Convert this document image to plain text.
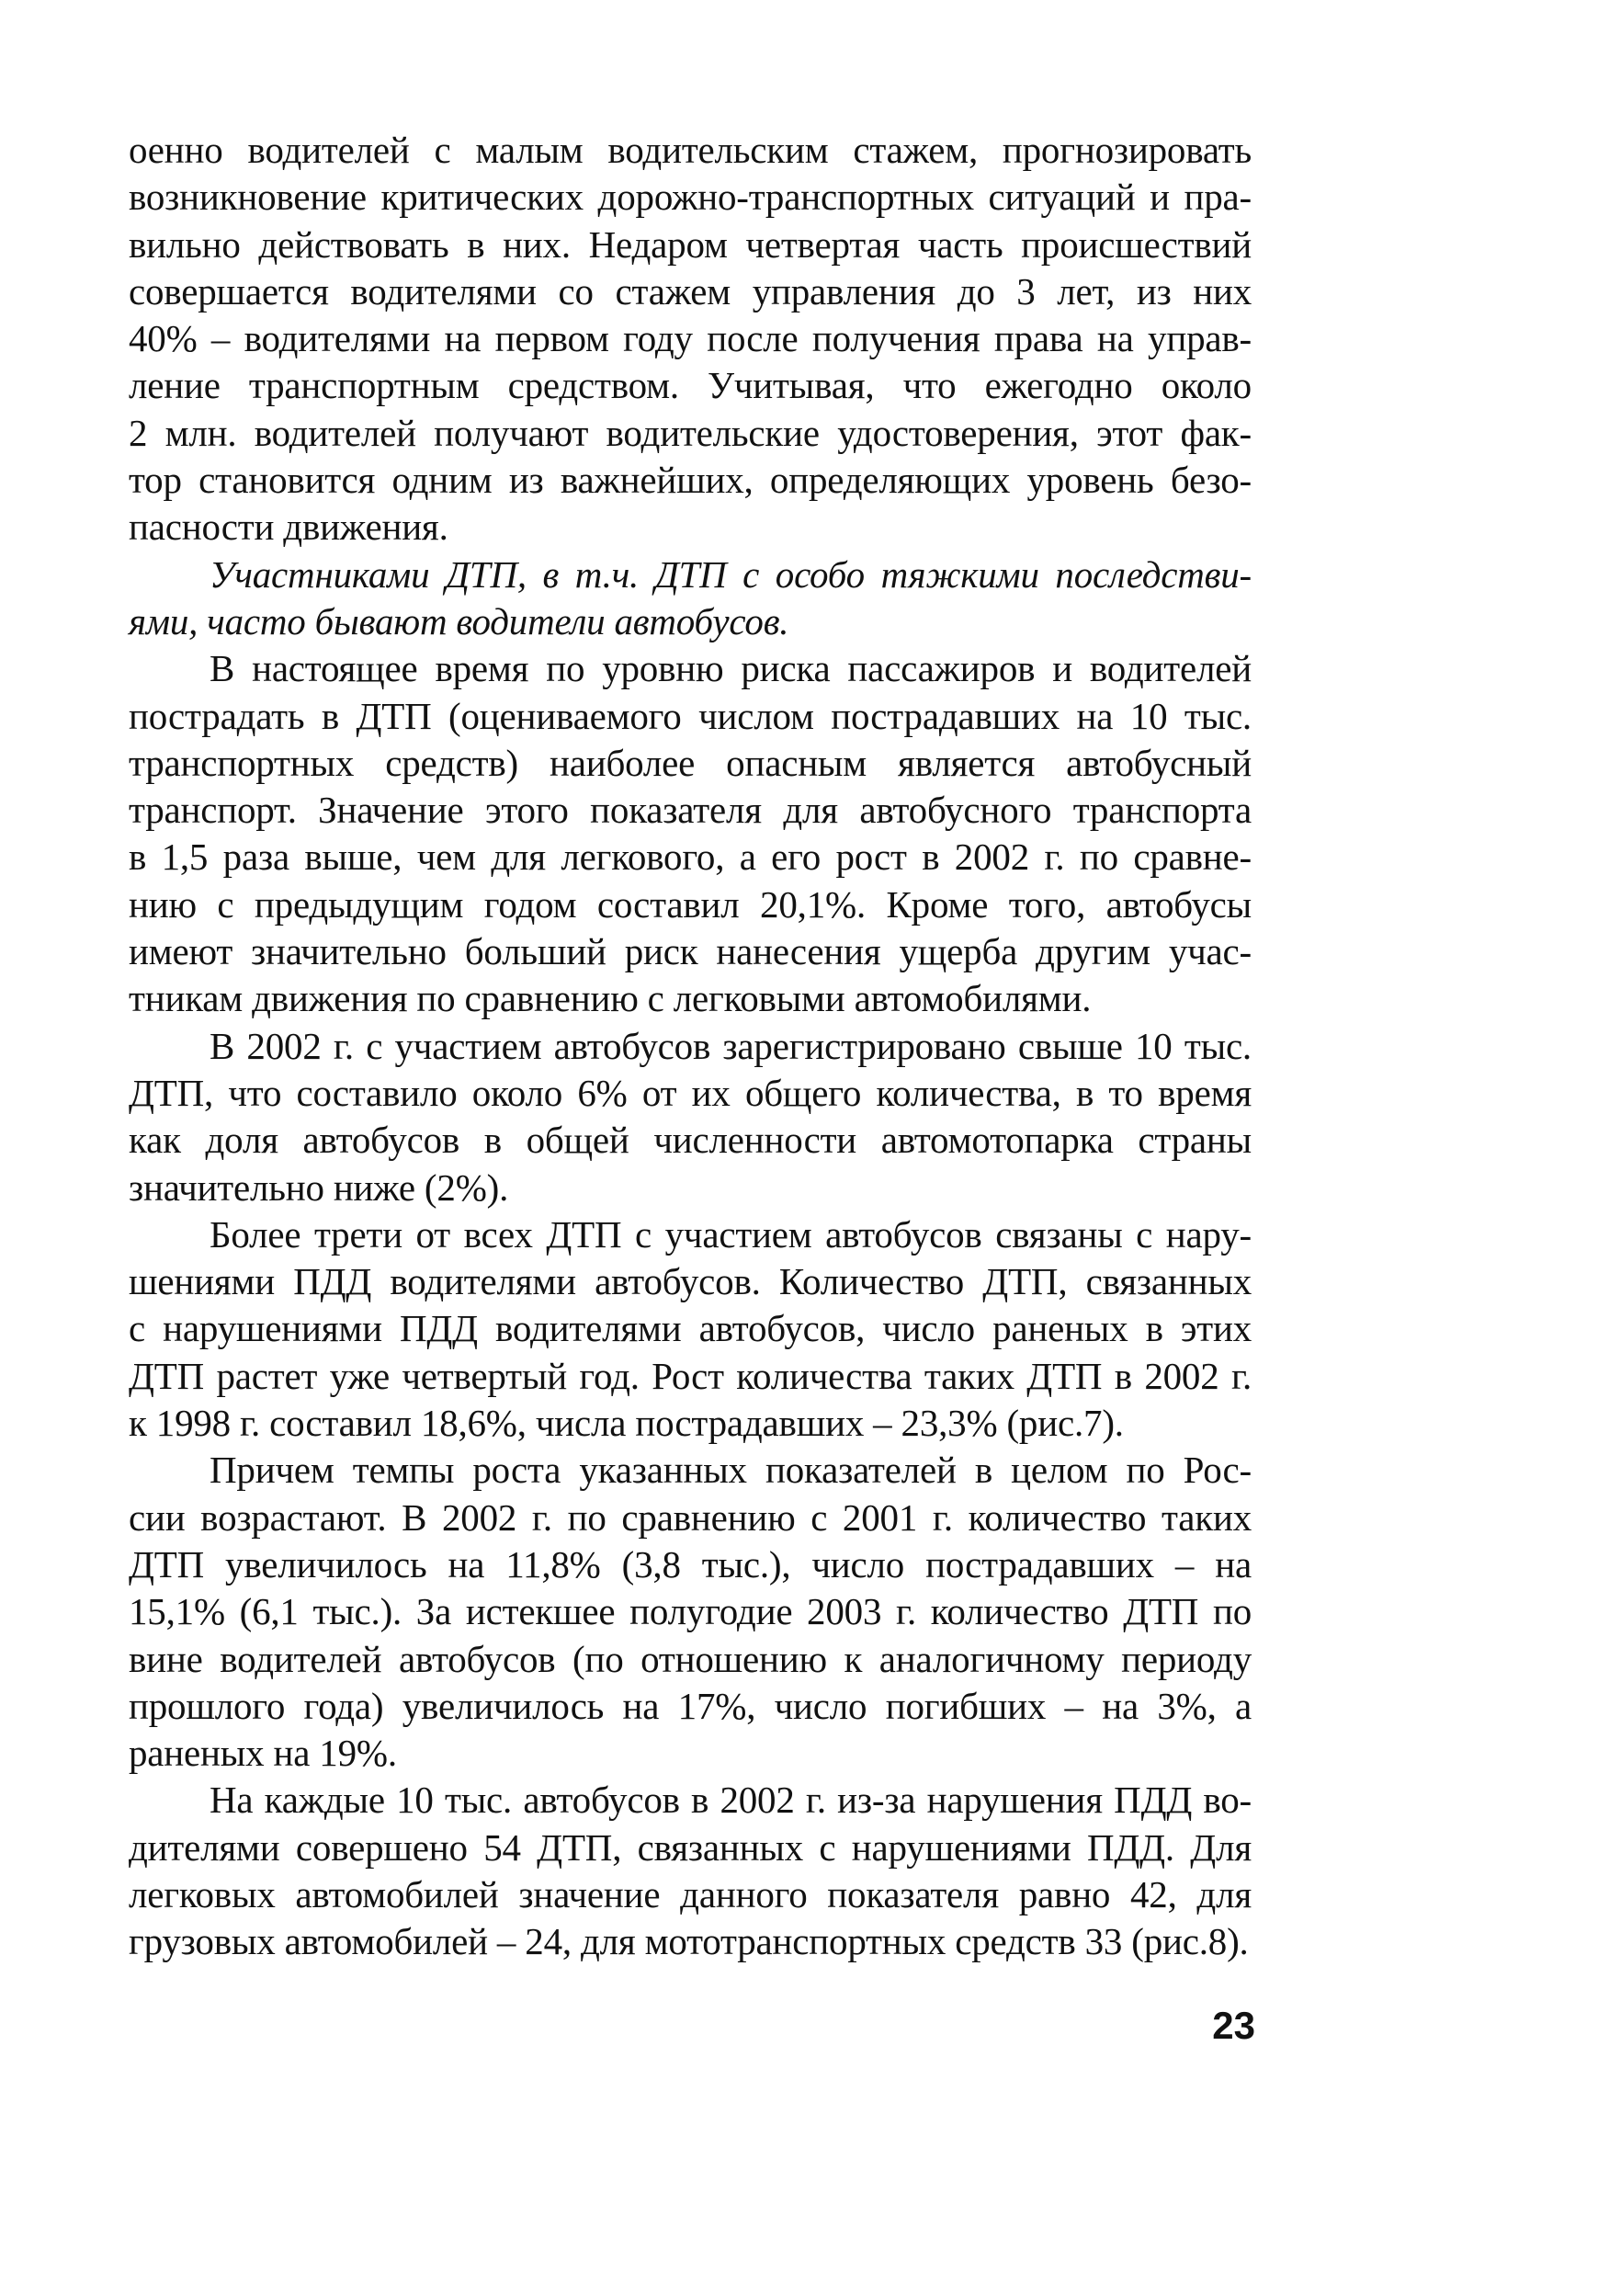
оенно водителей с малым водительским стажем, прогнозировать
возникновение критических дорожно-транспортных ситуаций и пра-
вильно действовать в них. Недаром четвертая часть происшествий
совершается водителями со стажем управления до 3 лет, из них
40% – водителями на первом году после получения права на управ-
ление транспортным средством. Учитывая, что ежегодно около
2 млн. водителей получают водительские удостоверения, этот фак-
тор становится одним из важнейших, определяющих уровень безо-
пасности движения.
Участниками ДТП, в т.ч. ДТП с особо тяжкими последстви-
ями, часто бывают водители автобусов.
В настоящее время по уровню риска пассажиров и водителей
пострадать в ДТП (оцениваемого числом пострадавших на 10 тыс.
транспортных средств) наиболее опасным является автобусный
транспорт. Значение этого показателя для автобусного транспорта
в 1,5 раза выше, чем для легкового, а его рост в 2002 г. по сравне-
нию с предыдущим годом составил 20,1%. Кроме того, автобусы
имеют значительно больший риск нанесения ущерба другим учас-
тникам движения по сравнению с легковыми автомобилями.
В 2002 г. с участием автобусов зарегистрировано свыше 10 тыс.
ДТП, что составило около 6% от их общего количества, в то время
как доля автобусов в общей численности автомотопарка страны
значительно ниже (2%).
Более трети от всех ДТП с участием автобусов связаны с нару-
шениями ПДД водителями автобусов. Количество ДТП, связанных
с нарушениями ПДД водителями автобусов, число раненых в этих
ДТП растет уже четвертый год. Рост количества таких ДТП в 2002 г.
к 1998 г. составил 18,6%, числа пострадавших – 23,3% (рис.7).
Причем темпы роста указанных показателей в целом по Рос-
сии возрастают. В 2002 г. по сравнению с 2001 г. количество таких
ДТП увеличилось на 11,8% (3,8 тыс.), число пострадавших – на
15,1% (6,1 тыс.). За истекшее полугодие 2003 г. количество ДТП по
вине водителей автобусов (по отношению к аналогичному периоду
прошлого года) увеличилось на 17%, число погибших – на 3%, а
раненых на 19%.
На каждые 10 тыс. автобусов в 2002 г. из-за нарушения ПДД во-
дителями совершено 54 ДТП, связанных с нарушениями ПДД. Для
легковых автомобилей значение данного показателя равно 42, для
грузовых автомобилей – 24, для мототранспортных средств 33 (рис.8).
23
